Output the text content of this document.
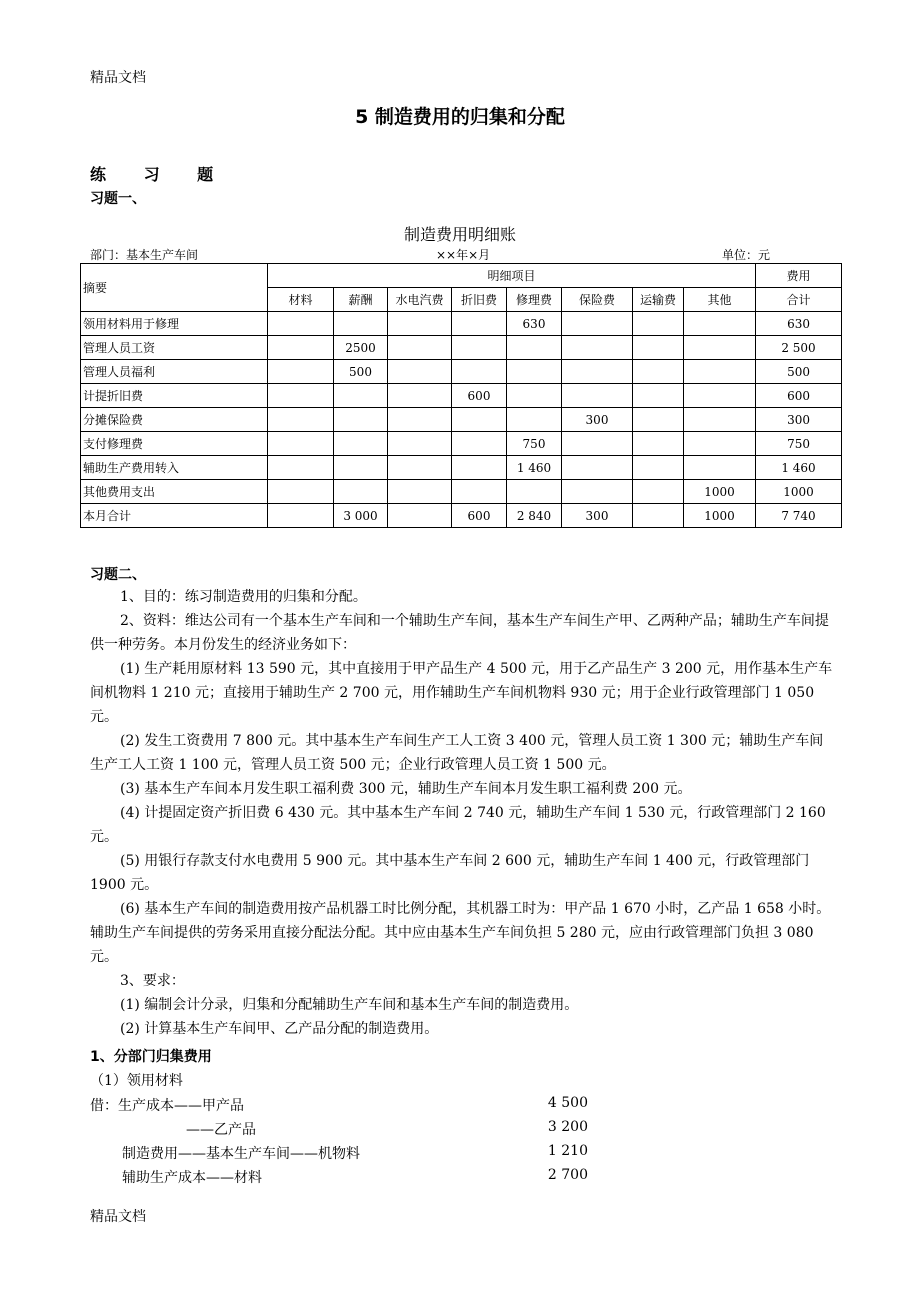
精品文档
5 制造费用的归集和分配
练 习 题
习题一、
制造费用明细账
部门：基本生产车间	××年×月	单位：元
摘要	明细项目								费用
	材料	薪酬	水电汽费	折旧费	修理费	保险费	运输费	其他	合计
领用材料用于修理					630				630
管理人员工资		2500							2 500
管理人员福利		500							500
计提折旧费				600					600
分摊保险费						300			300
支付修理费					750				750
辅助生产费用转入					1 460				1 460
其他费用支出								1000	1000
本月合计		3 000		600	2 840	300		1000	7 740
习题二、

1、目的：练习制造费用的归集和分配。

2、资料：维达公司有一个基本生产车间和一个辅助生产车间，基本生产车间生产甲、乙两种产品；辅助生产车间提供一种劳务。本月份发生的经济业务如下：

(1) 生产耗用原材料 13 590 元，其中直接用于甲产品生产 4 500 元，用于乙产品生产 3 200 元，用作基本生产车间机物料 1 210 元；直接用于辅助生产 2 700 元，用作辅助生产车间机物料 930 元；用于企业行政管理部门 1 050 元。

(2) 发生工资费用 7 800 元。其中基本生产车间生产工人工资 3 400 元，管理人员工资 1 300 元；辅助生产车间生产工人工资 1 100 元，管理人员工资 500 元；企业行政管理人员工资 1 500 元。

(3) 基本生产车间本月发生职工福利费 300 元，辅助生产车间本月发生职工福利费 200 元。

(4) 计提固定资产折旧费 6 430 元。其中基本生产车间 2 740 元，辅助生产车间 1 530 元，行政管理部门 2 160 元。

(5) 用银行存款支付水电费用 5 900 元。其中基本生产车间 2 600 元，辅助生产车间 1 400 元，行政管理部门 1900 元。

(6) 基本生产车间的制造费用按产品机器工时比例分配，其机器工时为：甲产品 1 670 小时，乙产品 1 658 小时。辅助生产车间提供的劳务采用直接分配法分配。其中应由基本生产车间负担 5 280 元，应由行政管理部门负担 3 080 元。

3、要求：

(1) 编制会计分录，归集和分配辅助生产车间和基本生产车间的制造费用。

(2) 计算基本生产车间甲、乙产品分配的制造费用。

1、分部门归集费用
（1）领用材料
借：生产成本——甲产品	4 500
——乙产品	3 200
制造费用——基本生产车间——机物料	1 210
辅助生产成本——材料	2 700
精品文档
